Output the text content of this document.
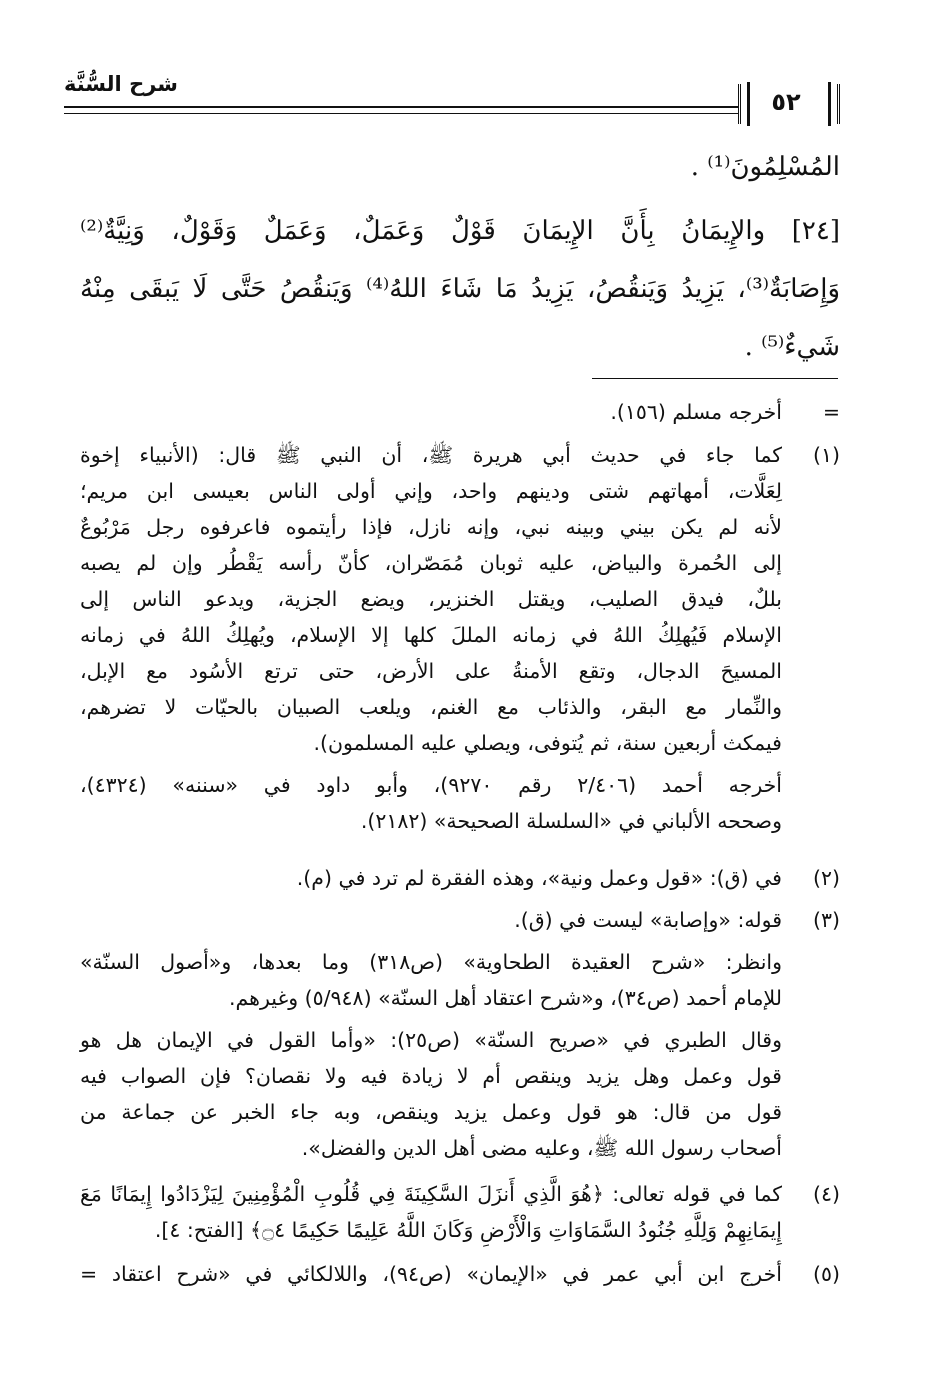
شرح السُّنَّة
٥٢
المُسْلِمُونَ⁽¹⁾ .
[٢٤] والإِيمَانُ بِأَنَّ الإِيمَانَ قَوْلٌ وَعَمَلٌ، وَعَمَلٌ وَقَوْلٌ، وَنِيَّةٌ⁽²⁾
وَإِصَابَةٌ⁽³⁾، يَزِيدُ وَيَنقُصُ، يَزِيدُ مَا شَاءَ اللهُ⁽⁴⁾ وَيَنقُصُ حَتَّى لَا يَبقَى مِنْهُ
شَيءٌ⁽⁵⁾ .
=
أخرجه مسلم (١٥٦).
(١)
كما جاء في حديث أبي هريرة ﷺ، أن النبي ﷺ قال: (الأنبياء إخوة
لِعَلَّات، أمهاتهم شتى ودينهم واحد، وإني أولى الناس بعيسى ابن مريم؛
لأنه لم يكن بيني وبينه نبي، وإنه نازل، فإذا رأيتموه فاعرفوه رجل مَرْبُوعٌ
إلى الحُمرة والبياض، عليه ثوبان مُمَصّران، كأنّ رأسه يَقْطُر وإن لم يصبه
بللٌ، فيدق الصليب، ويقتل الخنزير، ويضع الجزية، ويدعو الناس إلى
الإسلام فَيُهلِكُ اللهُ في زمانه المللَ كلها إلا الإسلام، ويُهلِكُ اللهُ في زمانه
المسيحَ الدجال، وتقع الأمنةُ على الأرض، حتى ترتع الأسُود مع الإبل،
والنِّمار مع البقر، والذئاب مع الغنم، ويلعب الصبيان بالحيّات لا تضرهم،
فيمكث أربعين سنة، ثم يُتوفى، ويصلي عليه المسلمون).
أخرجه أحمد (٢/٤٠٦ رقم ٩٢٧٠)، وأبو داود في «سننه» (٤٣٢٤)،
وصححه الألباني في «السلسلة الصحيحة» (٢١٨٢).
(٢)
في (ق): «قول وعمل ونية»، وهذه الفقرة لم ترد في (م).
(٣)
قوله: «وإصابة» ليست في (ق).
وانظر: «شرح العقيدة الطحاوية» (ص٣١٨) وما بعدها، و«أصول السنّة»
للإمام أحمد (ص٣٤)، و«شرح اعتقاد أهل السنّة» (٥/٩٤٨) وغيرهم.
وقال الطبري في «صريح السنّة» (ص٢٥): «وأما القول في الإيمان هل هو
قول وعمل وهل يزيد وينقص أم لا زيادة فيه ولا نقصان؟ فإن الصواب فيه
قول من قال: هو قول وعمل يزيد وينقص، وبه جاء الخبر عن جماعة من
أصحاب رسول الله ﷺ، وعليه مضى أهل الدين والفضل».
(٤)
كما في قوله تعالى: ﴿هُوَ الَّذِي أَنزَلَ السَّكِينَةَ فِي قُلُوبِ الْمُؤْمِنِينَ لِيَزْدَادُوا إِيمَانًا مَعَ
إِيمَانِهِمْ وَلِلَّهِ جُنُودُ السَّمَاوَاتِ وَالْأَرْضِ وَكَانَ اللَّهُ عَلِيمًا حَكِيمًا ۝٤﴾ [الفتح: ٤].
(٥)
أخرج ابن أبي عمر في «الإيمان» (ص٩٤)، واللالكائي في «شرح اعتقاد =
